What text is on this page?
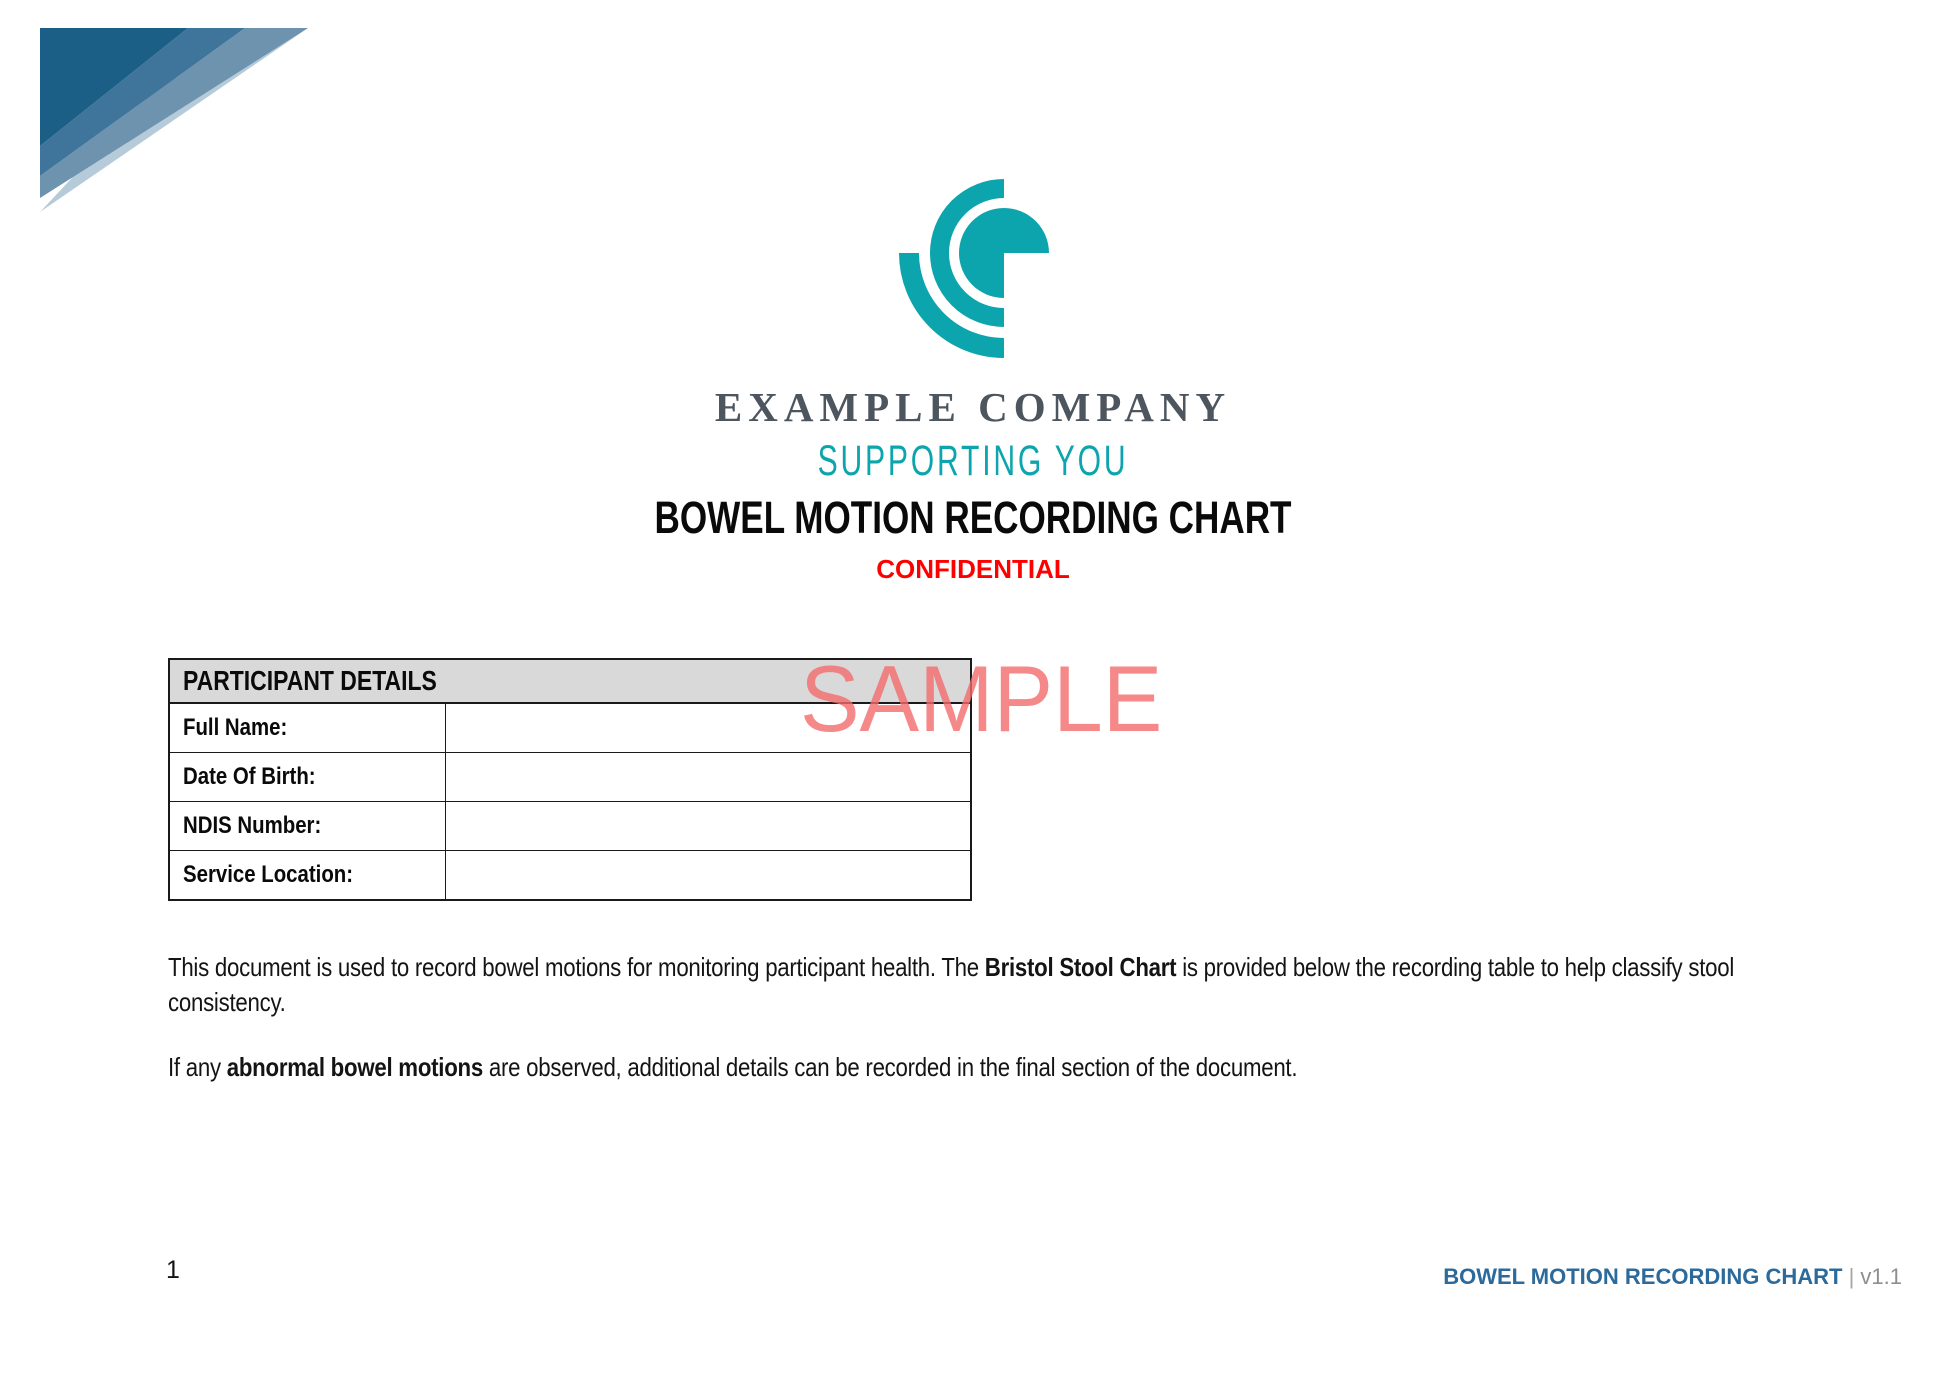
EXAMPLE COMPANY
SUPPORTING YOU
BOWEL MOTION RECORDING CHART
CONFIDENTIAL
PARTICIPANT DETAILS
Full Name:
Date Of Birth:
NDIS Number:
Service Location:
SAMPLE

This document is used to record bowel motions for monitoring participant health. The Bristol Stool Chart is provided below the recording table to help classify stool consistency.

If any abnormal bowel motions are observed, additional details can be recorded in the final section of the document.

1	BOWEL MOTION RECORDING CHART | v1.1
